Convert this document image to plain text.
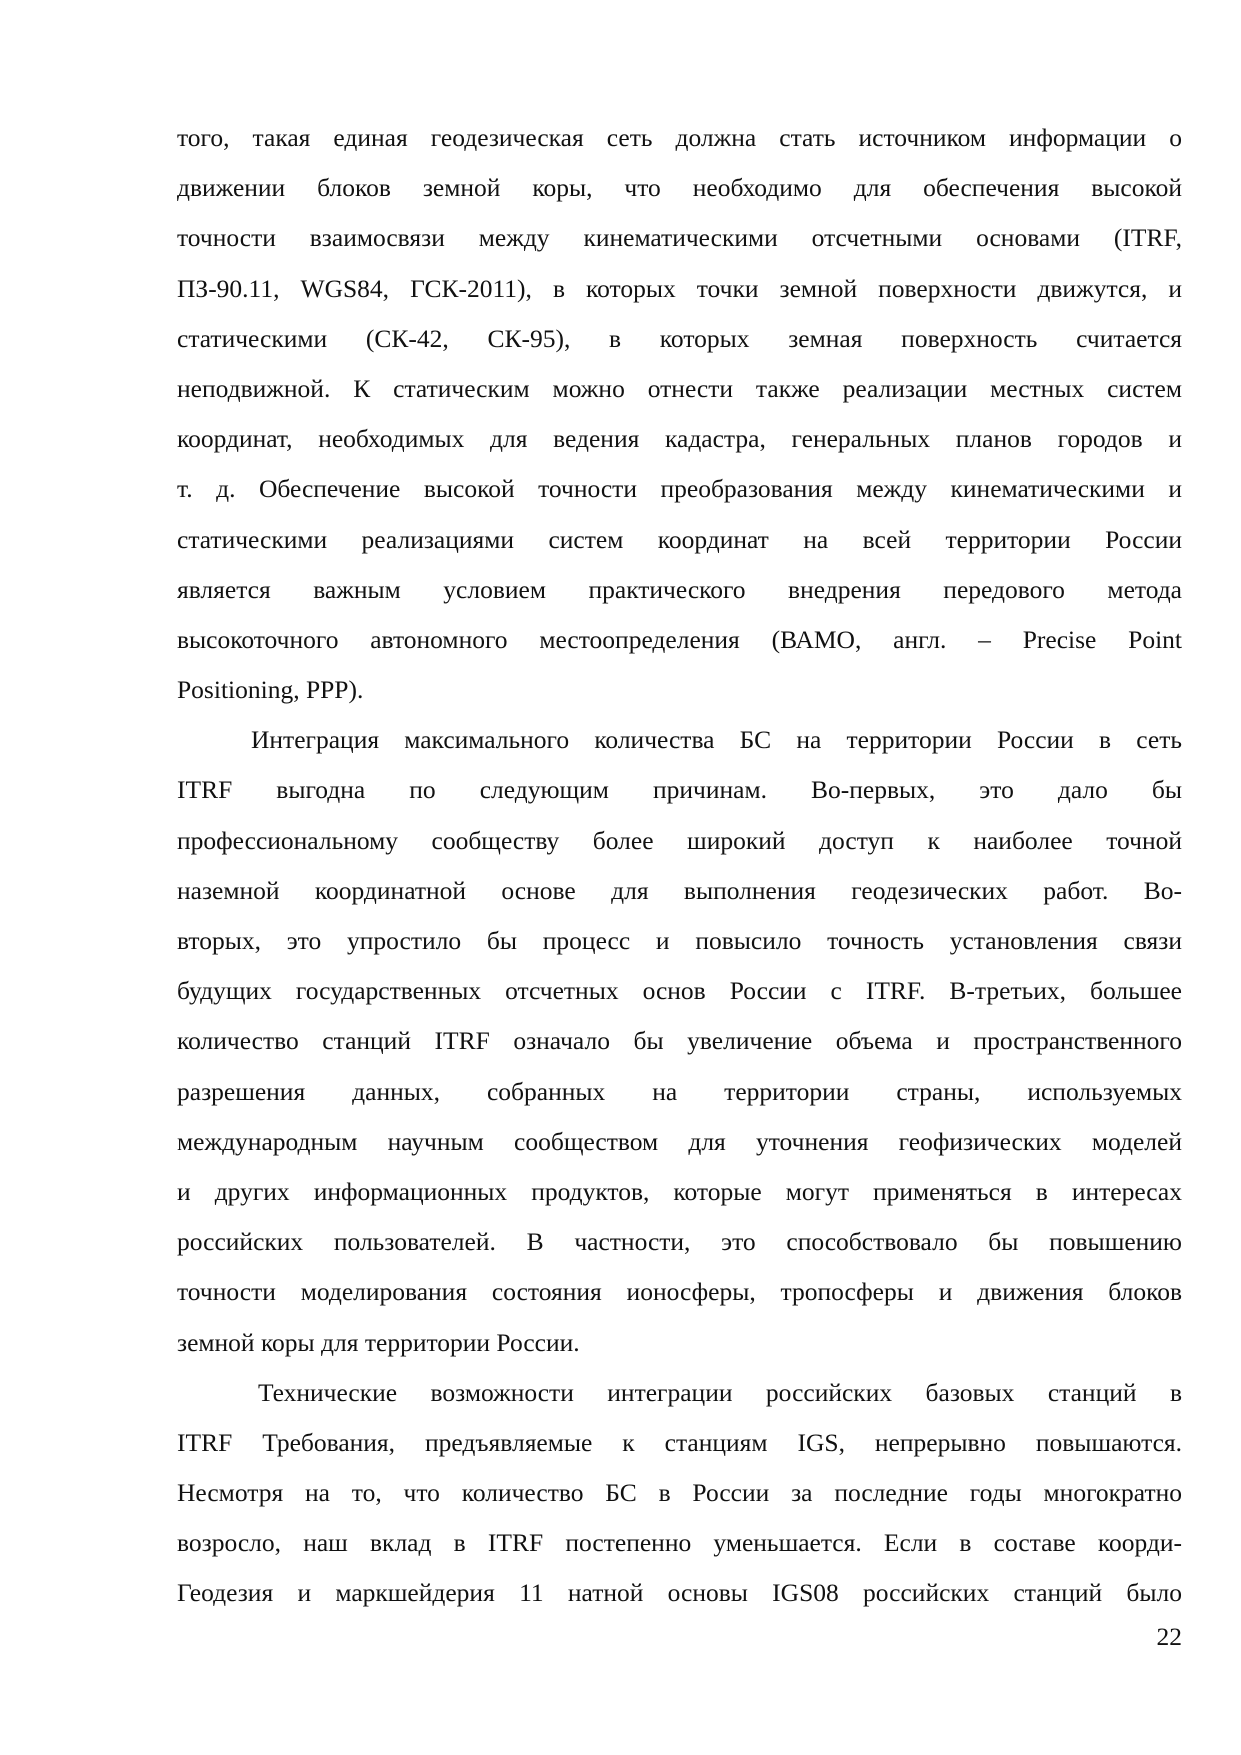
того, такая единая геодезическая сеть должна стать источником информации о
движении блоков земной коры, что необходимо для обеспечения высокой
точности взаимосвязи между кинематическими отсчетными основами (ITRF,
ПЗ-90.11, WGS84, ГСК-2011), в которых точки земной поверхности движутся, и
статическими (СК-42, СК-95), в которых земная поверхность считается
неподвижной. К статическим можно отнести также реализации местных систем
координат, необходимых для ведения кадастра, генеральных планов городов и
т. д. Обеспечение высокой точности преобразования между кинематическими и
статическими реализациями систем координат на всей территории России
является важным условием практического внедрения передового метода
высокоточного автономного местоопределения (ВАМО, англ. – Precise Point
Positioning, PPP).
Интеграция максимального количества БС на территории России в сеть
ITRF выгодна по следующим причинам. Во-первых, это дало бы
профессиональному сообществу более широкий доступ к наиболее точной
наземной координатной основе для выполнения геодезических работ. Во-
вторых, это упростило бы процесс и повысило точность установления связи
будущих государственных отсчетных основ России с ITRF. В-третьих, большее
количество станций ITRF означало бы увеличение объема и пространственного
разрешения данных, собранных на территории страны, используемых
международным научным сообществом для уточнения геофизических моделей
и других информационных продуктов, которые могут применяться в интересах
российских пользователей. В частности, это способствовало бы повышению
точности моделирования состояния ионосферы, тропосферы и движения блоков
земной коры для территории России.
Технические возможности интеграции российских базовых станций в
ITRF Требования, предъявляемые к станциям IGS, непрерывно повышаются.
Несмотря на то, что количество БС в России за последние годы многократно
возросло, наш вклад в ITRF постепенно уменьшается. Если в составе коорди-
Геодезия и маркшейдерия 11 натной основы IGS08 российских станций было
22
